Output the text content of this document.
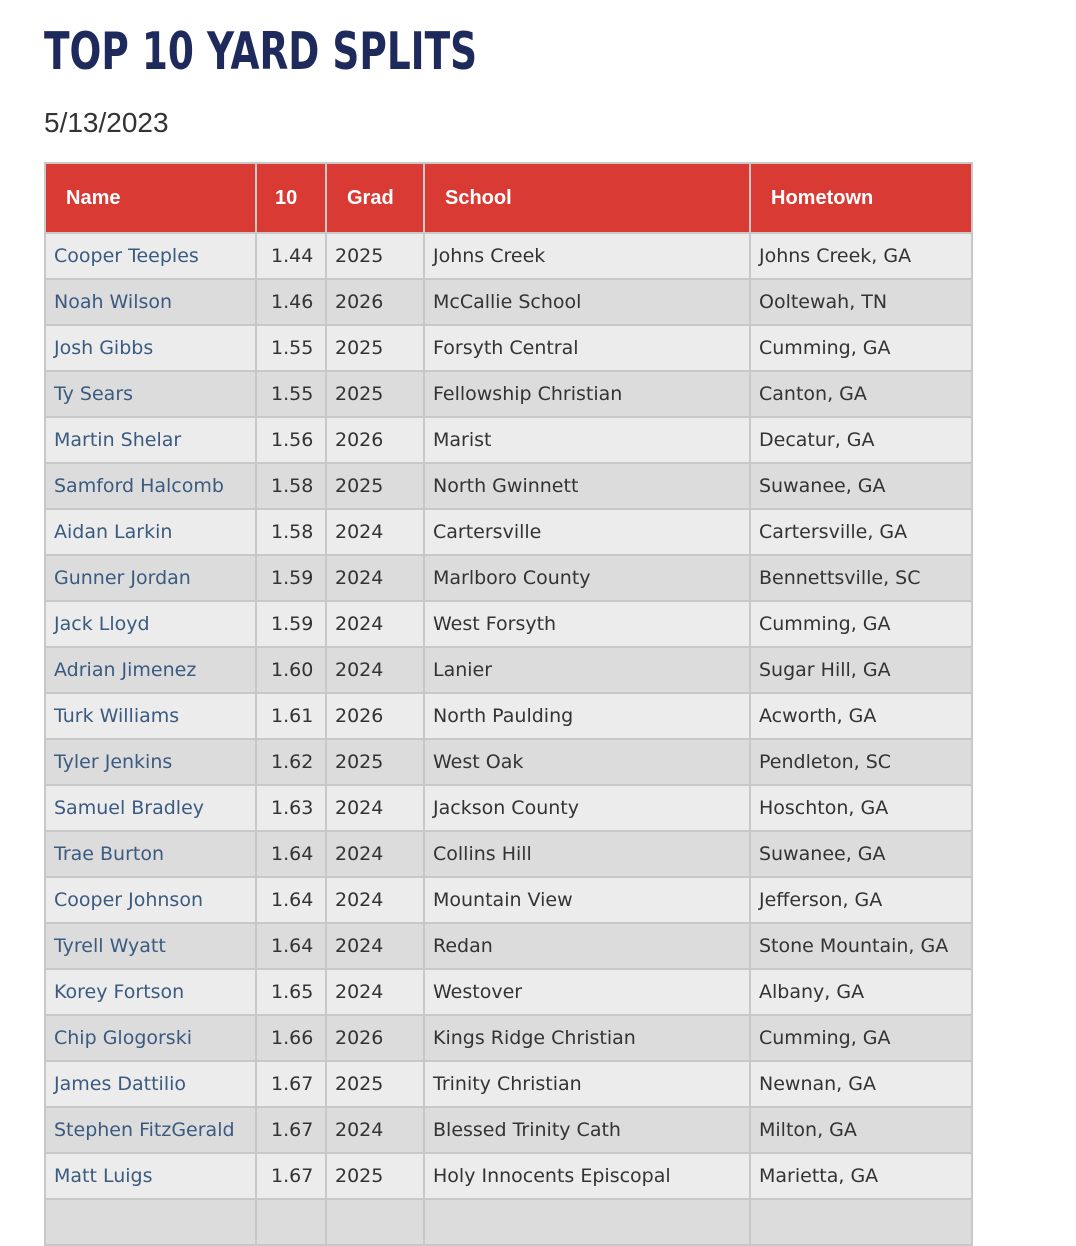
TOP 10 YARD SPLITS
5/13/2023
Name	10	Grad	School	Hometown
Cooper Teeples	1.44	2025	Johns Creek	Johns Creek, GA
Noah Wilson	1.46	2026	McCallie School	Ooltewah, TN
Josh Gibbs	1.55	2025	Forsyth Central	Cumming, GA
Ty Sears	1.55	2025	Fellowship Christian	Canton, GA
Martin Shelar	1.56	2026	Marist	Decatur, GA
Samford Halcomb	1.58	2025	North Gwinnett	Suwanee, GA
Aidan Larkin	1.58	2024	Cartersville	Cartersville, GA
Gunner Jordan	1.59	2024	Marlboro County	Bennettsville, SC
Jack Lloyd	1.59	2024	West Forsyth	Cumming, GA
Adrian Jimenez	1.60	2024	Lanier	Sugar Hill, GA
Turk Williams	1.61	2026	North Paulding	Acworth, GA
Tyler Jenkins	1.62	2025	West Oak	Pendleton, SC
Samuel Bradley	1.63	2024	Jackson County	Hoschton, GA
Trae Burton	1.64	2024	Collins Hill	Suwanee, GA
Cooper Johnson	1.64	2024	Mountain View	Jefferson, GA
Tyrell Wyatt	1.64	2024	Redan	Stone Mountain, GA
Korey Fortson	1.65	2024	Westover	Albany, GA
Chip Glogorski	1.66	2026	Kings Ridge Christian	Cumming, GA
James Dattilio	1.67	2025	Trinity Christian	Newnan, GA
Stephen FitzGerald	1.67	2024	Blessed Trinity Cath	Milton, GA
Matt Luigs	1.67	2025	Holy Innocents Episcopal	Marietta, GA
